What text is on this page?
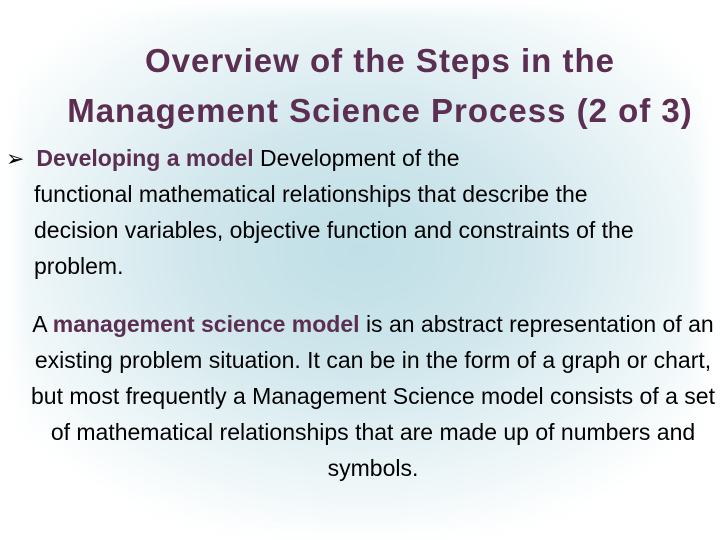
Overview of the Steps in the Management Science Process (2 of 3)
➢ Developing a model Development of the

functional mathematical relationships that describe the decision variables, objective function and constraints of the problem.

A management science model is an abstract representation of an existing problem situation. It can be in the form of a graph or chart, but most frequently a Management Science model consists of a set of mathematical relationships that are made up of numbers and symbols.
